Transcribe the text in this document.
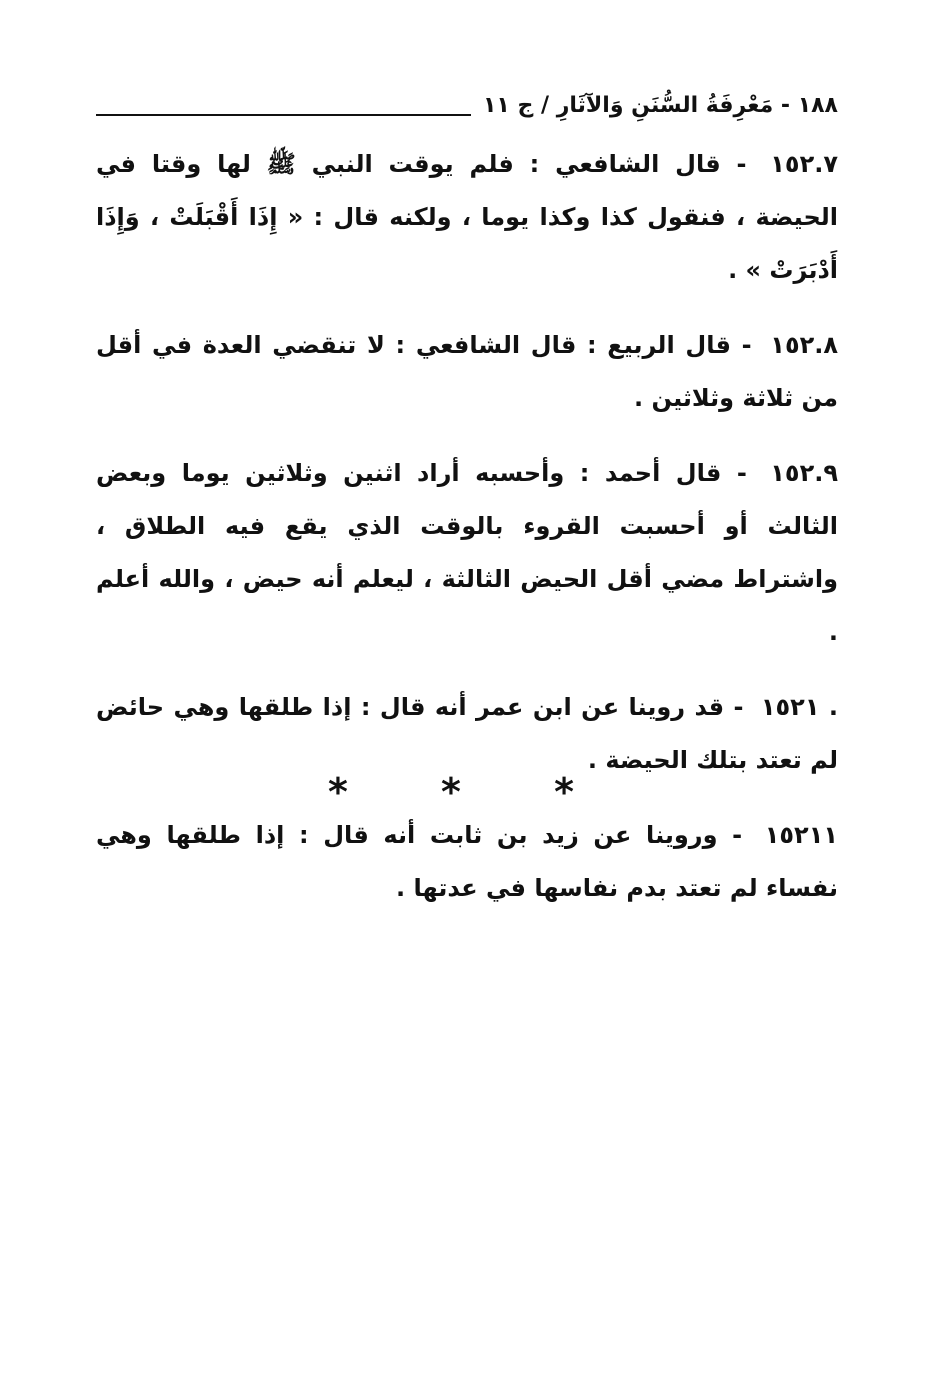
١٨٨ - مَعْرِفَةُ السُّنَنِ وَالآثَارِ / ج ١١

١٥٢.٧ - قال الشافعي : فلم يوقت النبي ﷺ لها وقتا في الحيضة ، فنقول كذا وكذا يوما ، ولكنه قال : « إِذَا أَقْبَلَتْ ، وَإِذَا أَدْبَرَتْ » .

١٥٢.٨ - قال الربيع : قال الشافعي : لا تنقضي العدة في أقل من ثلاثة وثلاثين .

١٥٢.٩ - قال أحمد : وأحسبه أراد اثنين وثلاثين يوما وبعض الثالث أو أحسبت القروء بالوقت الذي يقع فيه الطلاق ، واشتراط مضي أقل الحيض الثالثة ، ليعلم أنه حيض ، والله أعلم .

. ١٥٢١ - قد روينا عن ابن عمر أنه قال : إذا طلقها وهي حائض لم تعتد بتلك الحيضة .

١٥٢١١ - وروينا عن زيد بن ثابت أنه قال : إذا طلقها وهي نفساء لم تعتد بدم نفاسها في عدتها .

* * *
